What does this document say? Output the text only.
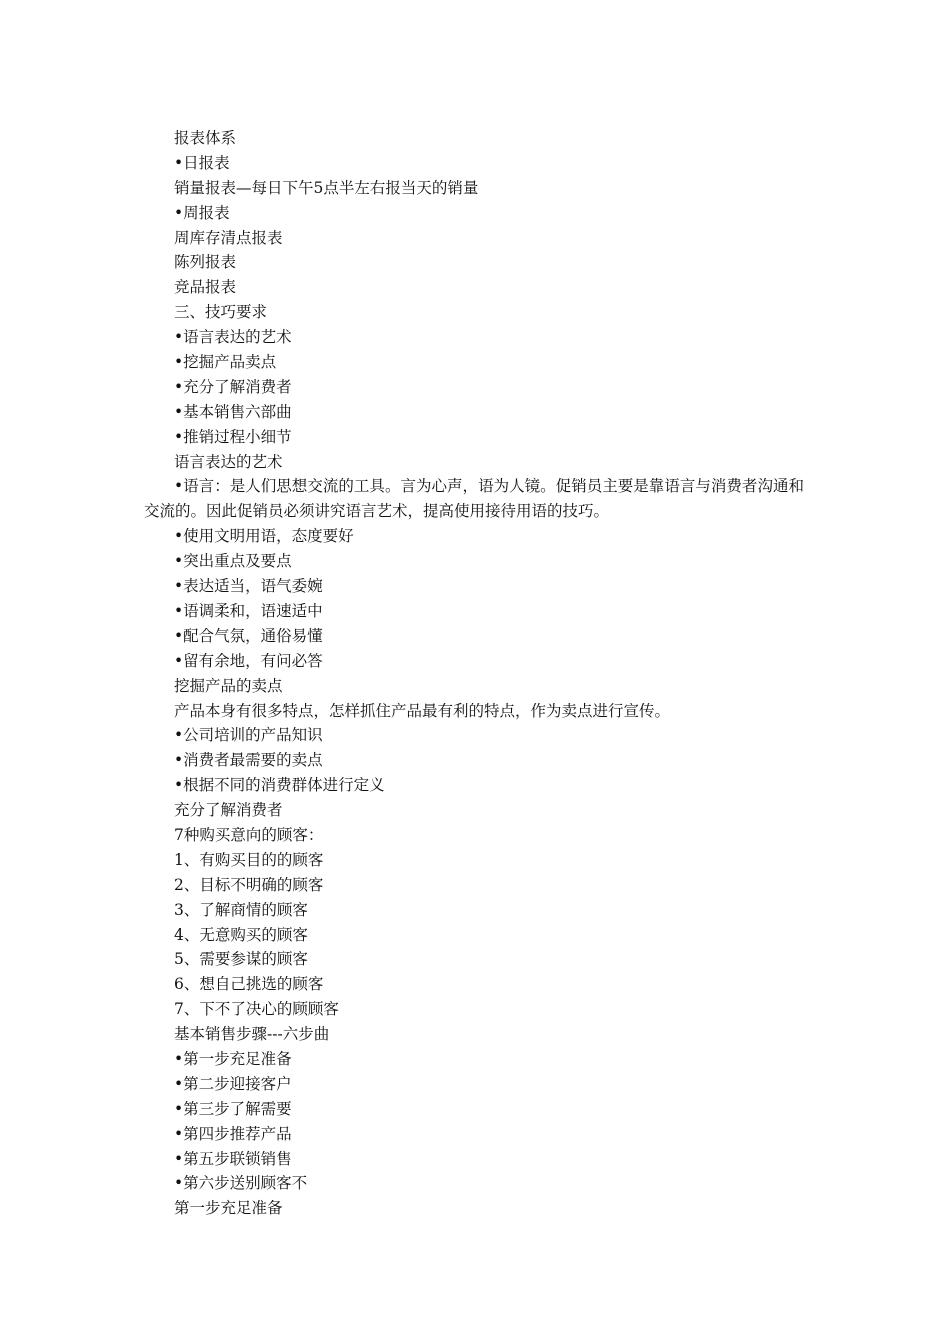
报表体系
•日报表
销量报表—每日下午5点半左右报当天的销量
•周报表
周库存清点报表
陈列报表
竞品报表
三、技巧要求
•语言表达的艺术
•挖掘产品卖点
•充分了解消费者
•基本销售六部曲
•推销过程小细节
语言表达的艺术
•语言：是人们思想交流的工具。言为心声，语为人镜。促销员主要是靠语言与消费者沟通和交流的。因此促销员必须讲究语言艺术，提高使用接待用语的技巧。
•使用文明用语，态度要好
•突出重点及要点
•表达适当，语气委婉
•语调柔和，语速适中
•配合气氛，通俗易懂
•留有余地，有问必答
挖掘产品的卖点
产品本身有很多特点，怎样抓住产品最有利的特点，作为卖点进行宣传。
•公司培训的产品知识
•消费者最需要的卖点
•根据不同的消费群体进行定义
充分了解消费者
7种购买意向的顾客：
1、有购买目的的顾客
2、目标不明确的顾客
3、了解商情的顾客
4、无意购买的顾客
5、需要参谋的顾客
6、想自己挑选的顾客
7、下不了决心的顾顾客
基本销售步骤---六步曲
•第一步充足准备
•第二步迎接客户
•第三步了解需要
•第四步推荐产品
•第五步联锁销售
•第六步送别顾客不
第一步充足准备
